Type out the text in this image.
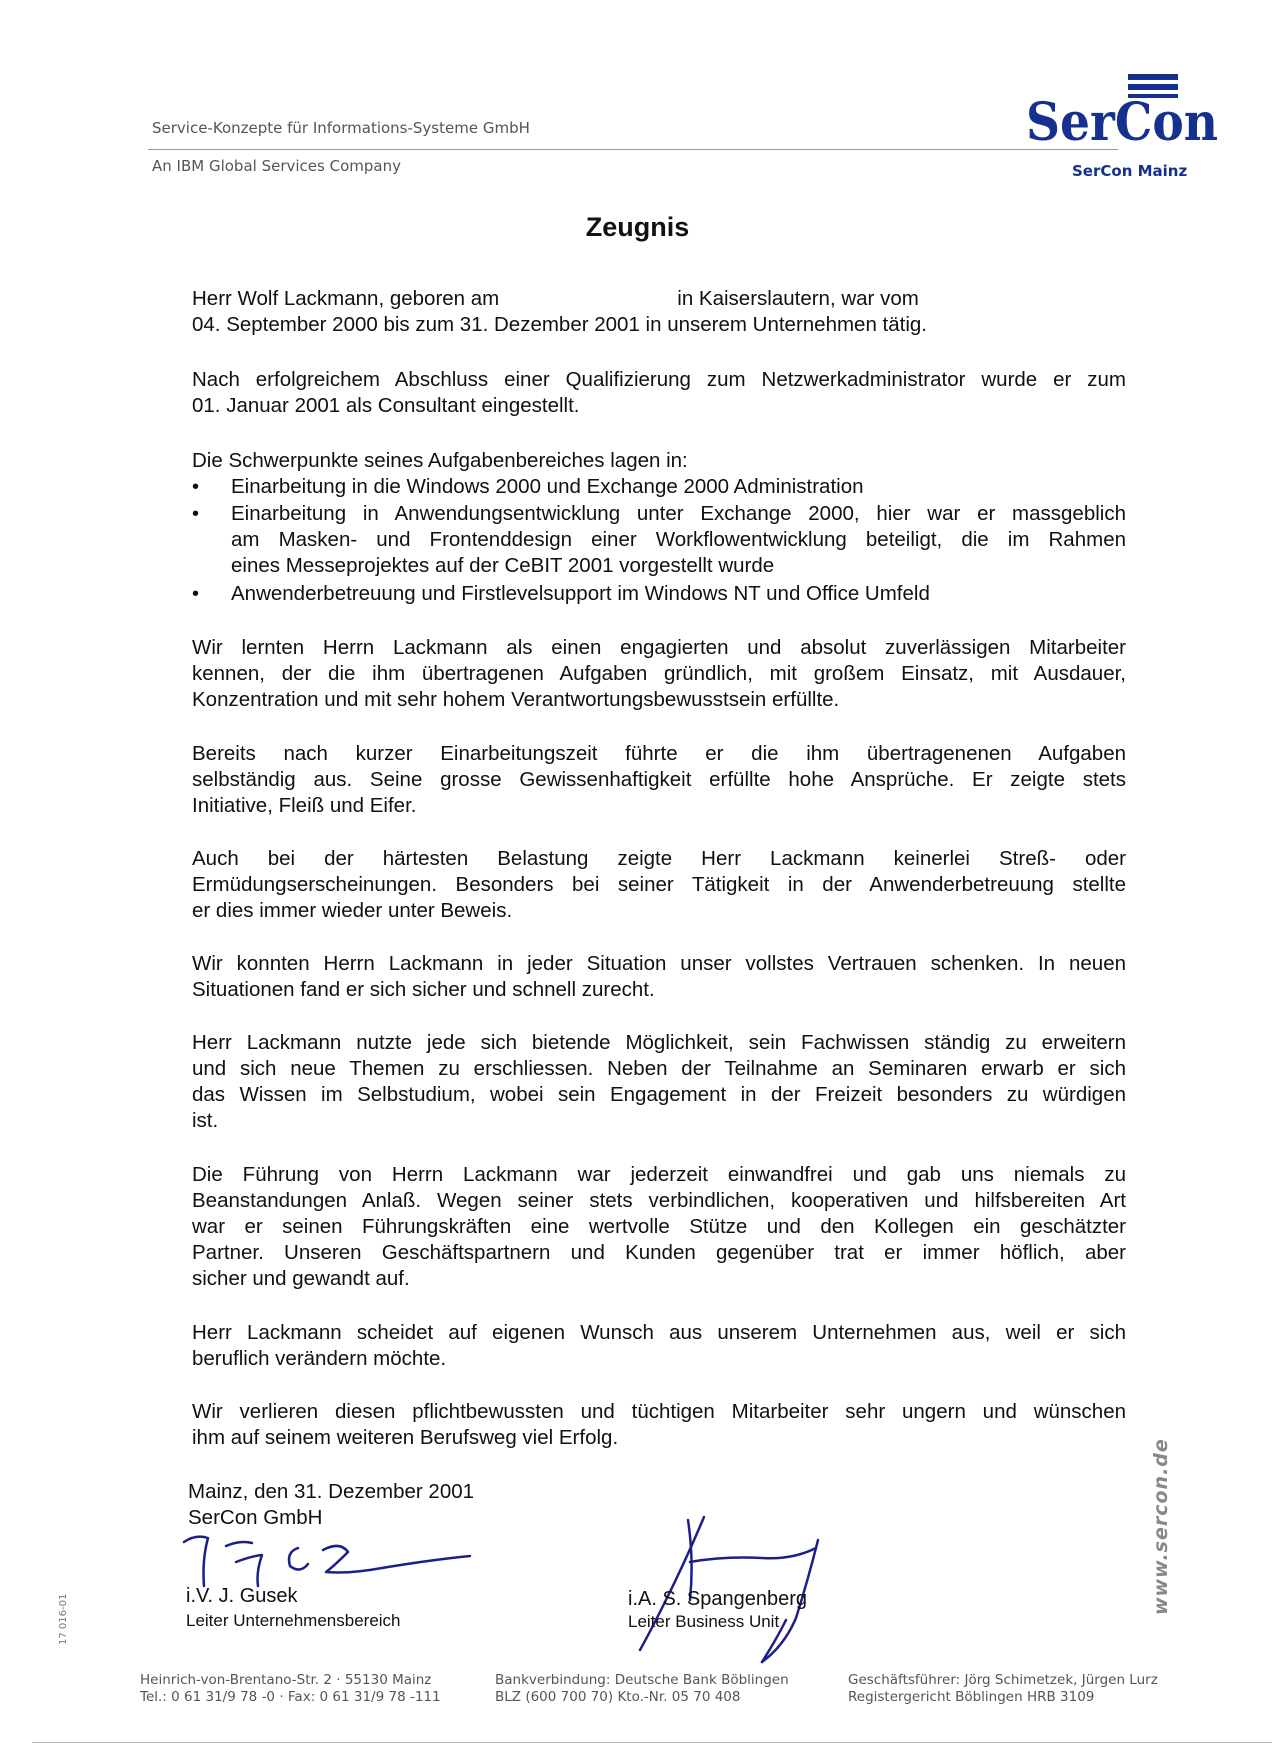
Service-Konzepte für Informations-Systeme GmbH
An IBM Global Services Company
SerCon
SerCon Mainz
Zeugnis
Herr Wolf Lackmann, geboren am	in Kaiserslautern, war vom
04. September 2000 bis zum 31. Dezember 2001 in unserem Unternehmen tätig.
Nach erfolgreichem Abschluss einer Qualifizierung zum Netzwerkadministrator wurde er zum
01. Januar 2001 als Consultant eingestellt.
Die Schwerpunkte seines Aufgabenbereiches lagen in:
• Einarbeitung in die Windows 2000 und Exchange 2000 Administration
• Einarbeitung in Anwendungsentwicklung unter Exchange 2000, hier war er massgeblich
am Masken- und Frontenddesign einer Workflowentwicklung beteiligt, die im Rahmen
eines Messeprojektes auf der CeBIT 2001 vorgestellt wurde
• Anwenderbetreuung und Firstlevelsupport im Windows NT und Office Umfeld
Wir lernten Herrn Lackmann als einen engagierten und absolut zuverlässigen Mitarbeiter
kennen, der die ihm übertragenen Aufgaben gründlich, mit großem Einsatz, mit Ausdauer,
Konzentration und mit sehr hohem Verantwortungsbewusstsein erfüllte.
Bereits nach kurzer Einarbeitungszeit führte er die ihm übertragenenen Aufgaben
selbständig aus. Seine grosse Gewissenhaftigkeit erfüllte hohe Ansprüche. Er zeigte stets
Initiative, Fleiß und Eifer.
Auch bei der härtesten Belastung zeigte Herr Lackmann keinerlei Streß- oder
Ermüdungserscheinungen. Besonders bei seiner Tätigkeit in der Anwenderbetreuung stellte
er dies immer wieder unter Beweis.
Wir konnten Herrn Lackmann in jeder Situation unser vollstes Vertrauen schenken. In neuen
Situationen fand er sich sicher und schnell zurecht.
Herr Lackmann nutzte jede sich bietende Möglichkeit, sein Fachwissen ständig zu erweitern
und sich neue Themen zu erschliessen. Neben der Teilnahme an Seminaren erwarb er sich
das Wissen im Selbstudium, wobei sein Engagement in der Freizeit besonders zu würdigen
ist.
Die Führung von Herrn Lackmann war jederzeit einwandfrei und gab uns niemals zu
Beanstandungen Anlaß. Wegen seiner stets verbindlichen, kooperativen und hilfsbereiten Art
war er seinen Führungskräften eine wertvolle Stütze und den Kollegen ein geschätzter
Partner. Unseren Geschäftspartnern und Kunden gegenüber trat er immer höflich, aber
sicher und gewandt auf.
Herr Lackmann scheidet auf eigenen Wunsch aus unserem Unternehmen aus, weil er sich
beruflich verändern möchte.
Wir verlieren diesen pflichtbewussten und tüchtigen Mitarbeiter sehr ungern und wünschen
ihm auf seinem weiteren Berufsweg viel Erfolg.
Mainz, den 31. Dezember 2001
SerCon GmbH
i.V. J. Gusek
Leiter Unternehmensbereich
i.A. S. Spangenberg
Leiter Business Unit
www.sercon.de
17 016-01
Heinrich-von-Brentano-Str. 2 · 55130 Mainz
Tel.: 0 61 31/9 78 -0 · Fax: 0 61 31/9 78 -111
Bankverbindung: Deutsche Bank Böblingen
BLZ (600 700 70) Kto.-Nr. 05 70 408
Geschäftsführer: Jörg Schimetzek, Jürgen Lurz
Registergericht Böblingen HRB 3109
